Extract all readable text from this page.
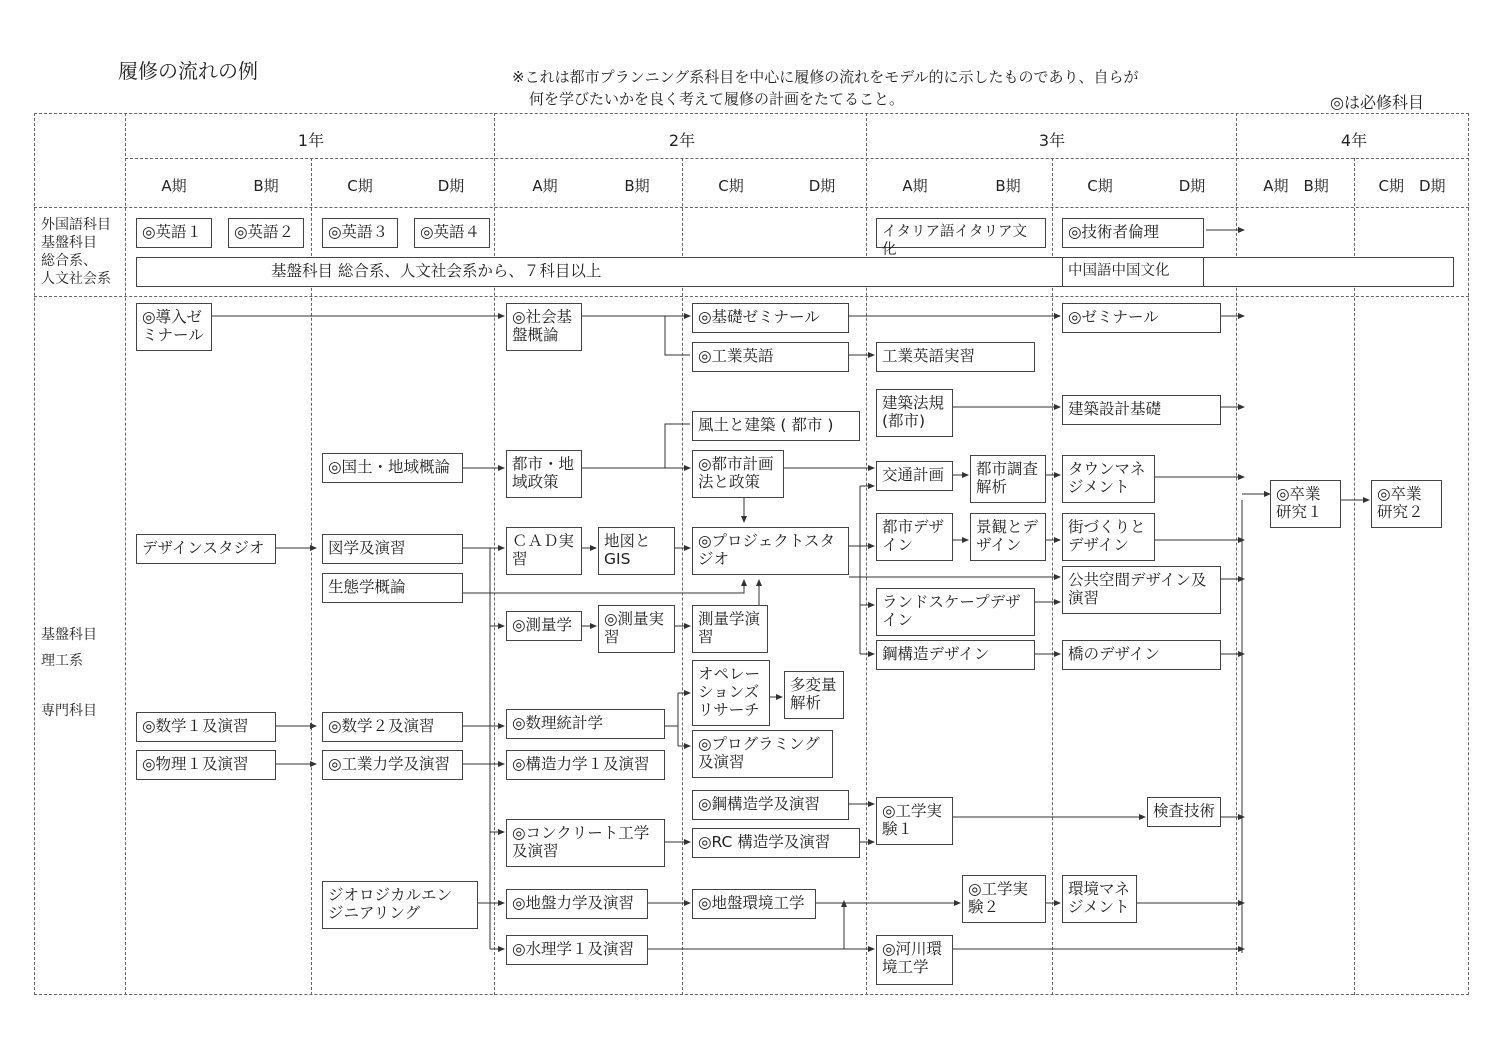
履修の流れの例	※これは都市プランニング系科目を中心に履修の流れをモデル的に示したものであり、自らが
何を学びたいかを良く考えて履修の計画をたてること。	◎は必修科目
1年	2年	3年	4年
A期	B期	C期	D期	A期	B期	C期	D期	A期	B期	C期	D期	A期　B期	C期　D期
外国語科目
基盤科目
総合系、
人文社会系
基盤科目
理工系
専門科目
◎英語１	◎英語２	◎英語３	◎英語４	イタリア語イタリア文化
◎技術者倫理
基盤科目 総合系、人文社会系から、７科目以上	中国語中国文化
◎導入ゼ
ミナール
◎社会基
盤概論
◎基礎ゼミナール	◎ゼミナール
◎工業英語	工業英語実習
風土と建築 ( 都市 )
建築法規
(都市)
建築設計基礎
◎国土・地域概論	都市・地
域政策
◎都市計画
法と政策	交通計画	都市調査
解析
タウンマネ
ジメント	◎卒業
研究１
◎卒業
研究２
デザインスタジオ	図学及演習	ＣＡＤ実
習
地図と
GIS
◎プロジェクトスタ
ジオ
都市デザ
イン
景観とデ
ザイン
街づくりと
デザイン
生態学概論	公共空間デザイン及
演習
ランドスケープデザ
イン
◎測量学	◎測量実
習
測量学演
習
鋼構造デザイン	橋のデザイン
オペレー
ションズ
リサーチ
多変量
解析
◎数学１及演習	◎数学２及演習	◎数理統計学
◎プログラミング
及演習
◎物理１及演習	◎工業力学及演習	◎構造力学１及演習
◎鋼構造学及演習	◎工学実
験１
検査技術
◎コンクリート工学
及演習	◎RC 構造学及演習
ジオロジカルエン
ジニアリング
◎地盤力学及演習	◎地盤環境工学
◎工学実
験２
環境マネ
ジメント
◎水理学１及演習	◎河川環
境工学
